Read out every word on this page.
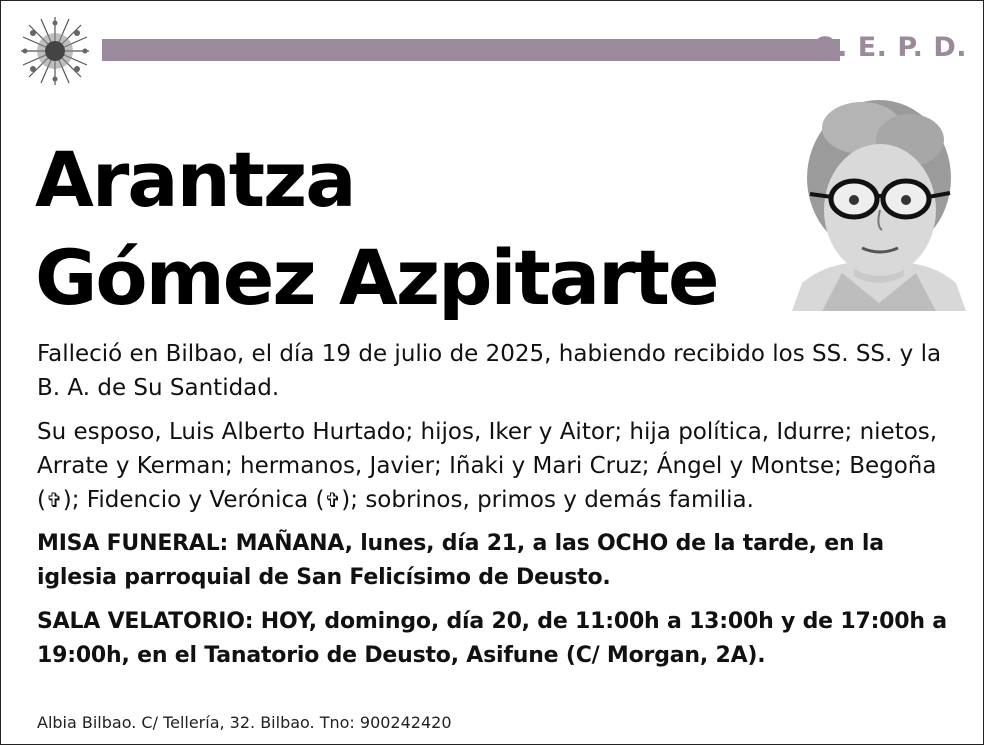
Q. E. P. D.
Arantza
Gómez Azpitarte

Falleció en Bilbao, el día 19 de julio de 2025, habiendo recibido los SS. SS. y la B. A. de Su Santidad.

Su esposo, Luis Alberto Hurtado; hijos, Iker y Aitor; hija política, Idurre; nietos, Arrate y Kerman; hermanos, Javier; Iñaki y Mari Cruz; Ángel y Montse; Begoña (✞); Fidencio y Verónica (✞); sobrinos, primos y demás familia.

MISA FUNERAL: MAÑANA, lunes, día 21, a las OCHO de la tarde, en la iglesia parroquial de San Felicísimo de Deusto.

SALA VELATORIO: HOY, domingo, día 20, de 11:00h a 13:00h y de 17:00h a 19:00h, en el Tanatorio de Deusto, Asifune (C/ Morgan, 2A).

Albia Bilbao. C/ Tellería, 32. Bilbao. Tno: 900242420
